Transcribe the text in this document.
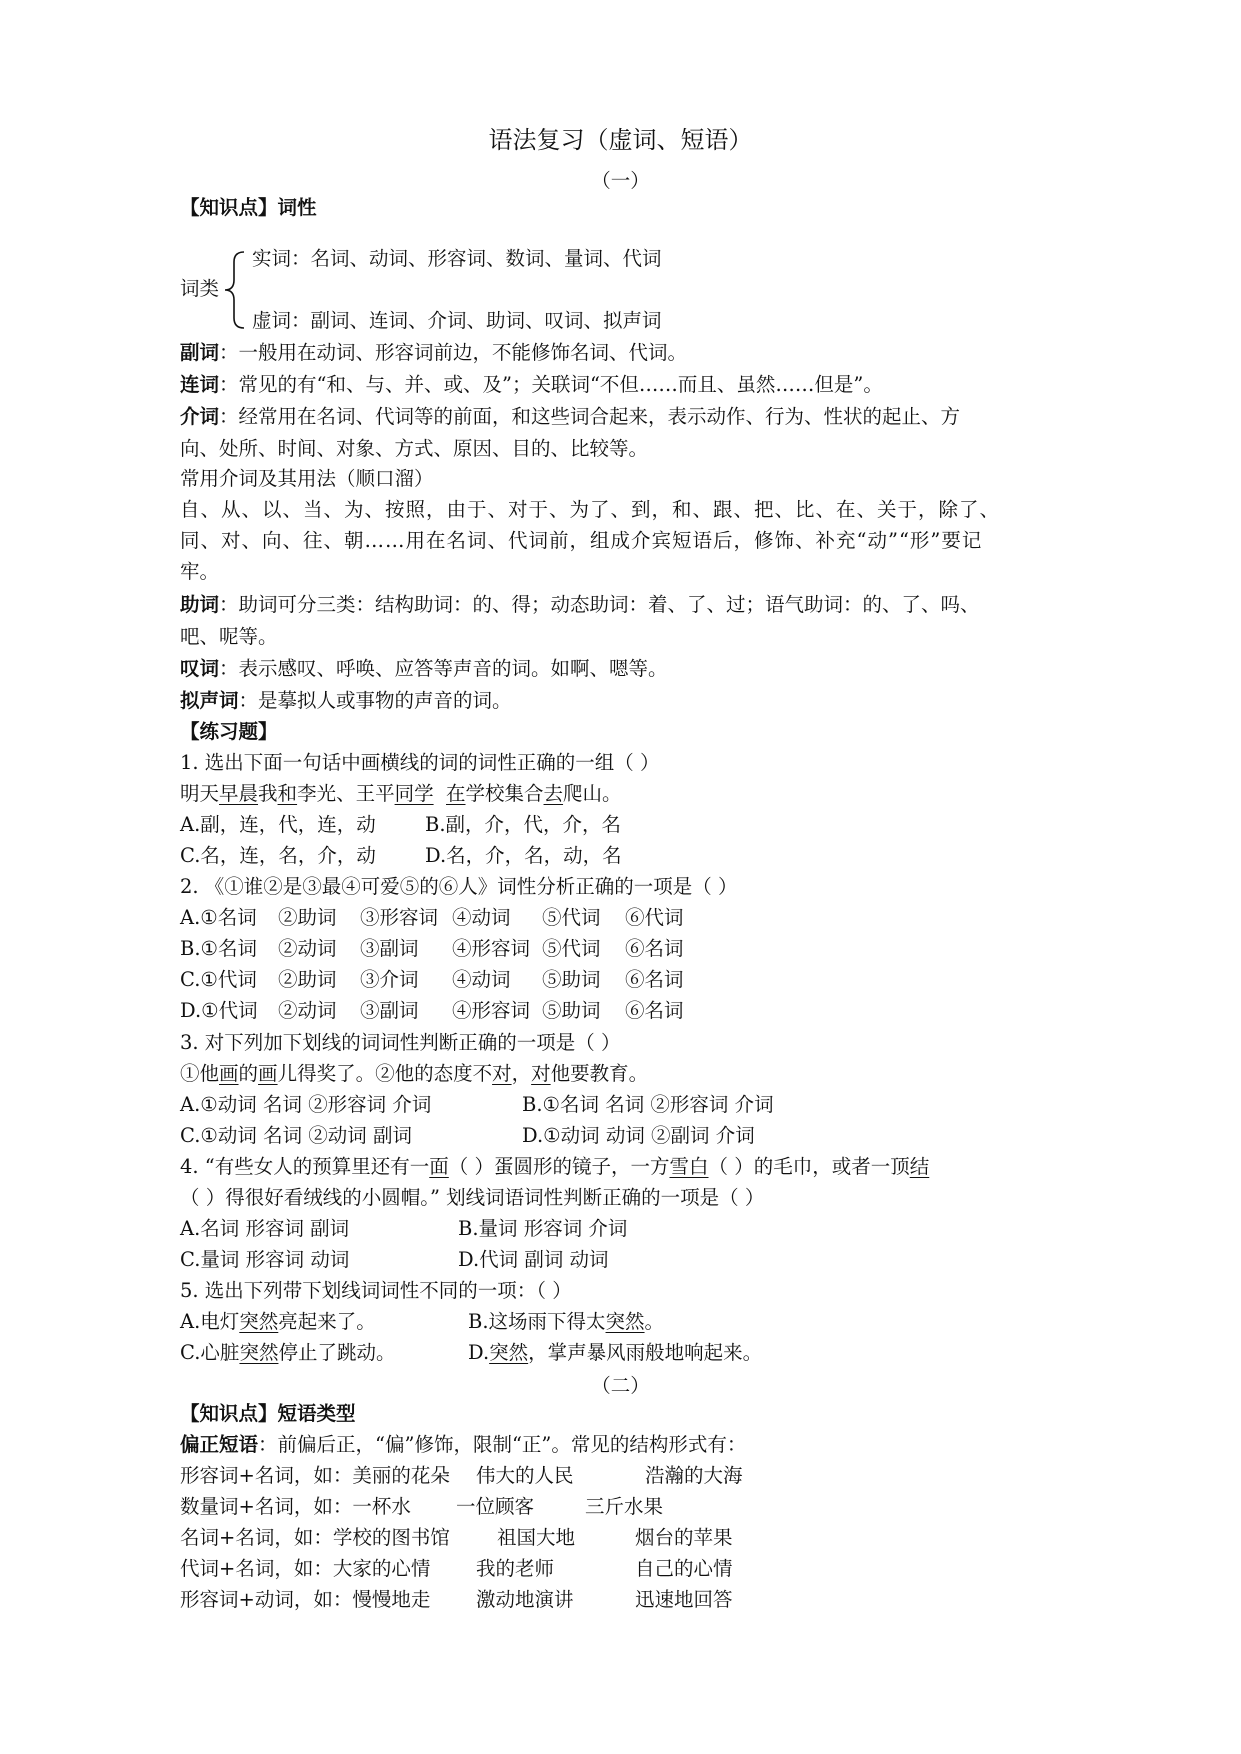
语法复习（虚词、短语）
（一）
【知识点】词性
词类
实词：名词、动词、形容词、数词、量词、代词
虚词：副词、连词、介词、助词、叹词、拟声词
副词：一般用在动词、形容词前边，不能修饰名词、代词。
连词：常见的有“和、与、并、或、及”；关联词“不但……而且、虽然……但是”。
介词：经常用在名词、代词等的前面，和这些词合起来，表示动作、行为、性状的起止、方
向、处所、时间、对象、方式、原因、目的、比较等。
常用介词及其用法（顺口溜）
自、从、以、当、为、按照，由于、对于、为了、到，和、跟、把、比、在、关于，除了、
同、对、向、往、朝……用在名词、代词前，组成介宾短语后，修饰、补充“动”“形”要记
牢。
助词：助词可分三类：结构助词：的、得；动态助词：着、了、过；语气助词：的、了、吗、
吧、呢等。
叹词：表示感叹、呼唤、应答等声音的词。如啊、嗯等。
拟声词：是摹拟人或事物的声音的词。
【练习题】
1. 选出下面一句话中画横线的词的词性正确的一组（ ）
明天早晨我和李光、王平同学 在学校集合去爬山。
A.副，连，代，连，动	B.副，介，代，介，名
C.名，连，名，介，动	D.名，介，名，动，名
2. 《①谁②是③最④可爱⑤的⑥人》词性分析正确的一项是（ ）
A.①名词 ②助词 ③形容词 ④动词 ⑤代词 ⑥代词
B.①名词 ②动词 ③副词 ④形容词 ⑤代词 ⑥名词
C.①代词 ②助词 ③介词 ④动词 ⑤助词 ⑥名词
D.①代词 ②动词 ③副词 ④形容词 ⑤助词 ⑥名词
3. 对下列加下划线的词词性判断正确的一项是（ ）
①他画的画儿得奖了。②他的态度不对，对他要教育。
A.①动词 名词 ②形容词 介词	B.①名词 名词 ②形容词 介词
C.①动词 名词 ②动词 副词	D.①动词 动词 ②副词 介词
4. “有些女人的预算里还有一面（ ）蛋圆形的镜子，一方雪白（ ）的毛巾，或者一顶结
（ ）得很好看绒线的小圆帽。” 划线词语词性判断正确的一项是（ ）
A.名词 形容词 副词	B.量词 形容词 介词
C.量词 形容词 动词	D.代词 副词 动词
5. 选出下列带下划线词词性不同的一项：（ ）
A.电灯突然亮起来了。	B.这场雨下得太突然。
C.心脏突然停止了跳动。	D.突然，掌声暴风雨般地响起来。
（二）
【知识点】短语类型
偏正短语：前偏后正，“偏”修饰，限制“正”。常见的结构形式有：
形容词+名词，如：美丽的花朵 伟大的人民	浩瀚的大海
数量词+名词，如：一杯水 一位顾客	三斤水果
名词+名词，如：学校的图书馆 祖国大地	烟台的苹果
代词+名词，如：大家的心情 我的老师	自己的心情
形容词+动词，如：慢慢地走 激动地演讲	迅速地回答
